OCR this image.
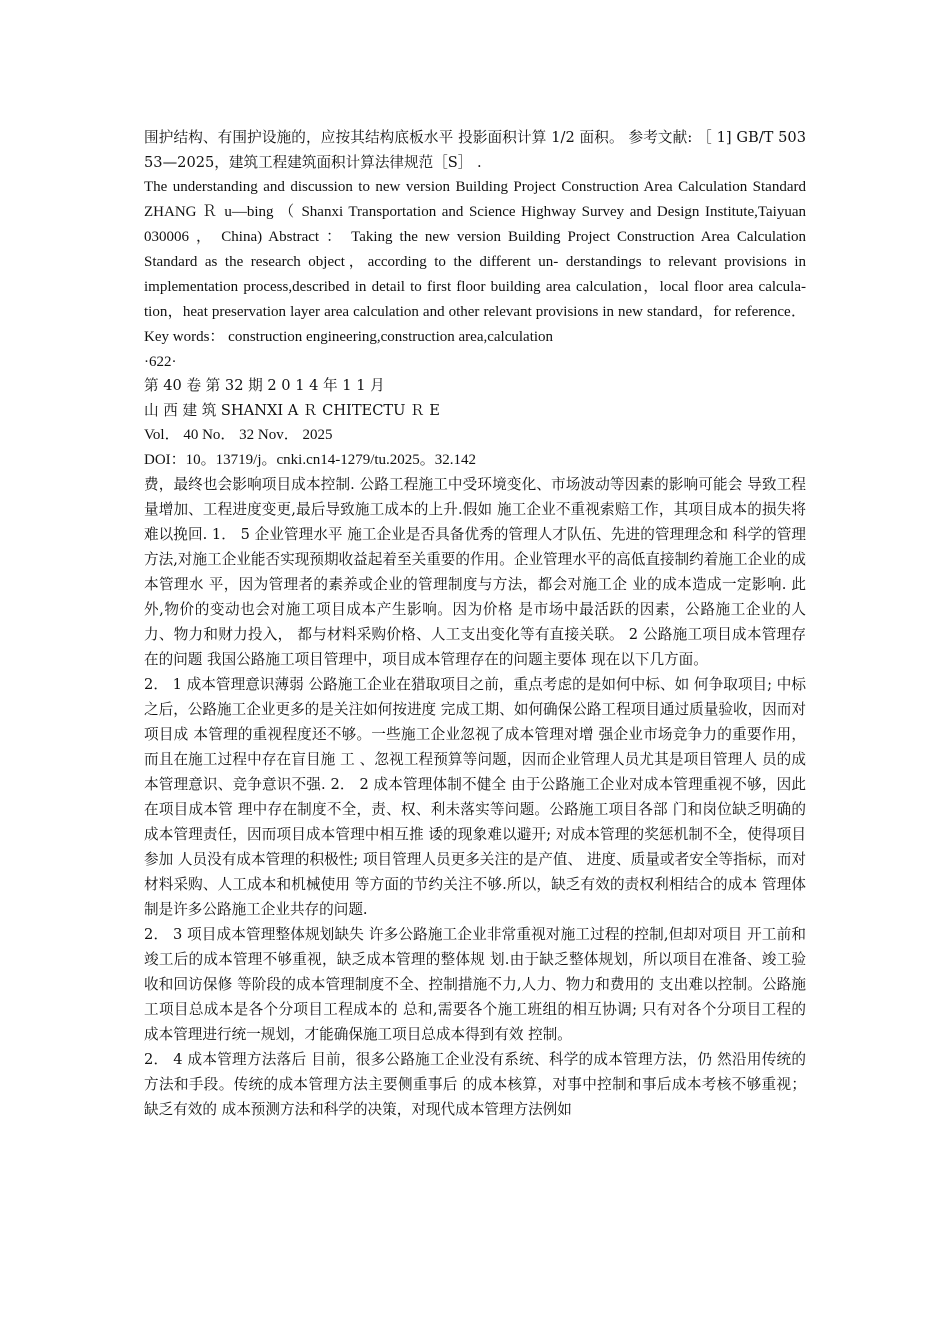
围护结构、有围护设施的，应按其结构底板水平 投影面积计算 1/2 面积。 参考文献: ［ 1] GB/T 50353—2025，建筑工程建筑面积计算法律规范［S］ .

The understanding and discussion to new version Building Project Construction Area Calculation Standard ZHANG Ｒ u—bing （ Shanxi Transportation and Science Highway Survey and Design Institute,Taiyuan 030006 ， China) Abstract ： Taking the new version Building Project Construction Area Calculation Standard as the research object，according to the different un- derstandings to relevant provisions in implementation process,described in detail to first floor building area calculation，local floor area calcula- tion，heat preservation layer area calculation and other relevant provisions in new standard，for reference． Key words： construction engineering,construction area,calculation

·622·

第 40 卷 第 32 期 2 0 1 4 年 1 1 月

山 西 建 筑 SHANXI A Ｒ CHITECTU Ｒ E

Vol． 40 No． 32 Nov． 2025

DOI：10。13719/j。cnki.cn14-1279/tu.2025。32.142

费，最终也会影响项目成本控制. 公路工程施工中受环境变化、市场波动等因素的影响可能会 导致工程量增加、工程进度变更,最后导致施工成本的上升.假如 施工企业不重视索赔工作，其项目成本的损失将难以挽回. 1． 5 企业管理水平 施工企业是否具备优秀的管理人才队伍、先进的管理理念和 科学的管理方法,对施工企业能否实现预期收益起着至关重要的作用。企业管理水平的高低直接制约着施工企业的成本管理水 平，因为管理者的素养或企业的管理制度与方法，都会对施工企 业的成本造成一定影响. 此外,物价的变动也会对施工项目成本产生影响。因为价格 是市场中最活跃的因素，公路施工企业的人力、物力和财力投入， 都与材料采购价格、人工支出变化等有直接关联。 2 公路施工项目成本管理存在的问题 我国公路施工项目管理中，项目成本管理存在的问题主要体 现在以下几方面。

2． 1 成本管理意识薄弱 公路施工企业在猎取项目之前，重点考虑的是如何中标、如 何争取项目; 中标之后，公路施工企业更多的是关注如何按进度 完成工期、如何确保公路工程项目通过质量验收，因而对项目成 本管理的重视程度还不够。一些施工企业忽视了成本管理对增 强企业市场竞争力的重要作用，而且在施工过程中存在盲目施 工 、忽视工程预算等问题，因而企业管理人员尤其是项目管理人 员的成本管理意识、竞争意识不强. 2． 2 成本管理体制不健全 由于公路施工企业对成本管理重视不够，因此在项目成本管 理中存在制度不全，责、权、利未落实等问题。公路施工项目各部 门和岗位缺乏明确的成本管理责任，因而项目成本管理中相互推 诿的现象难以避开; 对成本管理的奖惩机制不全，使得项目参加 人员没有成本管理的积极性; 项目管理人员更多关注的是产值、 进度、质量或者安全等指标，而对材料采购、人工成本和机械使用 等方面的节约关注不够.所以，缺乏有效的责权利相结合的成本 管理体制是许多公路施工企业共存的问题.

2． 3 项目成本管理整体规划缺失 许多公路施工企业非常重视对施工过程的控制,但却对项目 开工前和竣工后的成本管理不够重视，缺乏成本管理的整体规 划.由于缺乏整体规划，所以项目在准备、竣工验收和回访保修 等阶段的成本管理制度不全、控制措施不力,人力、物力和费用的 支出难以控制。公路施工项目总成本是各个分项目工程成本的 总和,需要各个施工班组的相互协调; 只有对各个分项目工程的 成本管理进行统一规划，才能确保施工项目总成本得到有效 控制。

2． 4 成本管理方法落后 目前，很多公路施工企业没有系统、科学的成本管理方法，仍 然沿用传统的方法和手段。传统的成本管理方法主要侧重事后 的成本核算，对事中控制和事后成本考核不够重视； 缺乏有效的 成本预测方法和科学的决策，对现代成本管理方法例如
